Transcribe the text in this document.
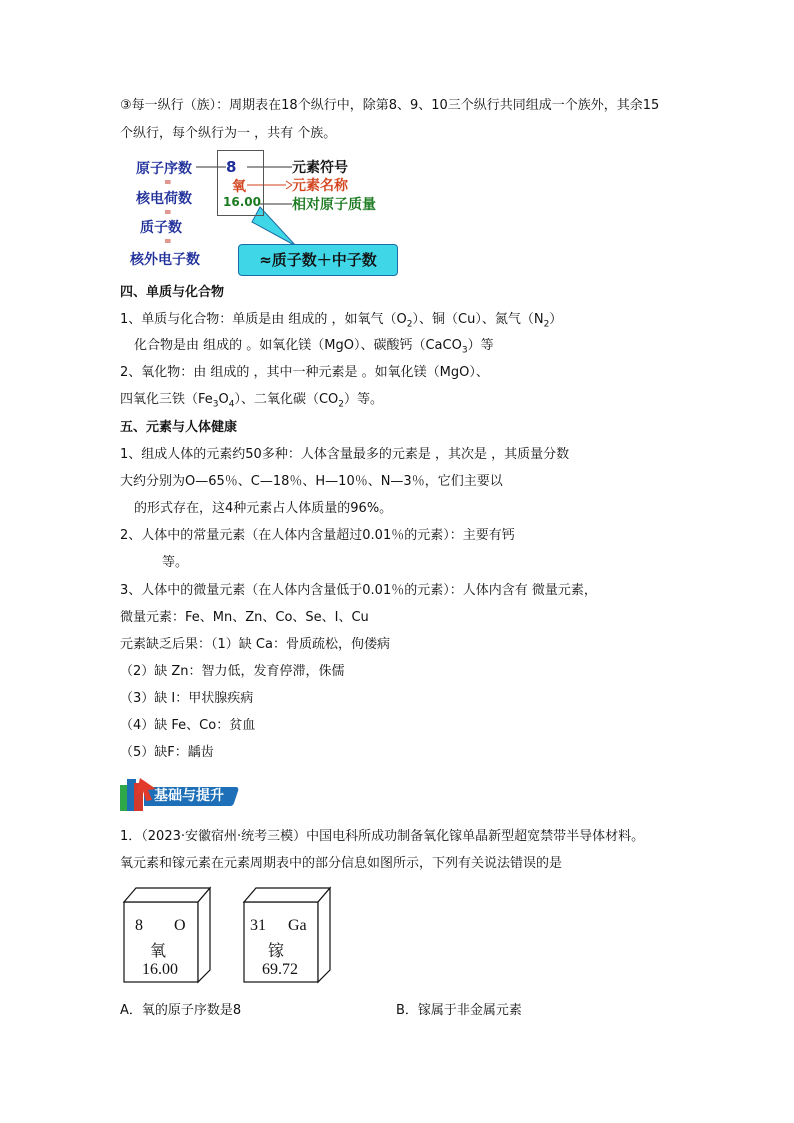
③每一纵行（族）：周期表在18个纵行中，除第8、9、10三个纵行共同组成一个族外，其余15
个纵行，每个纵行为一 ，共有 个族。
原子序数
=
核电荷数
=
质子数
=
核外电子数
8
氧
16.00
元素符号
元素名称
相对原子质量
≈质子数＋中子数
四、单质与化合物
1、单质与化合物：单质是由 组成的 ，如氧气$(O_2)$、铜（Cu）、氮气$(N_2)$
化合物是由 组成的 。如氧化镁（MgO）、碳酸钙（CaCO$_3$）等
2、氧化物：由 组成的 ，其中一种元素是 。如氧化镁（MgO）、
四氧化三铁$(Fe_3O_4)$、二氧化碳$(CO_2)$等。
五、元素与人体健康
1、组成人体的元素约50多种：人体含量最多的元素是 ，其次是 ，其质量分数
大约分别为O—65％、C—18％、H—10％、N—3％，它们主要以
的形式存在，这4种元素占人体质量的96%。
2、人体中的常量元素（在人体内含量超过0.01％的元素）：主要有钙
等。
3、人体中的微量元素（在人体内含量低于0.01％的元素）：人体内含有 微量元素，
微量元素：Fe、Mn、Zn、Co、Se、I、Cu
元素缺乏后果：（1）缺 Ca：骨质疏松，佝偻病
（2）缺 Zn：智力低，发育停滞，侏儒
（3）缺 I：甲状腺疾病
（4）缺 Fe、Co：贫血
（5）缺F：龋齿
基础与提升
1．（2023·安徽宿州·统考三模）中国电科所成功制备氧化镓单晶新型超宽禁带半导体材料。
氧元素和镓元素在元素周期表中的部分信息如图所示，下列有关说法错误的是
8 O
氧
16.00
31 Ga
镓
69.72
A．氧的原子序数是8	B．镓属于非金属元素
